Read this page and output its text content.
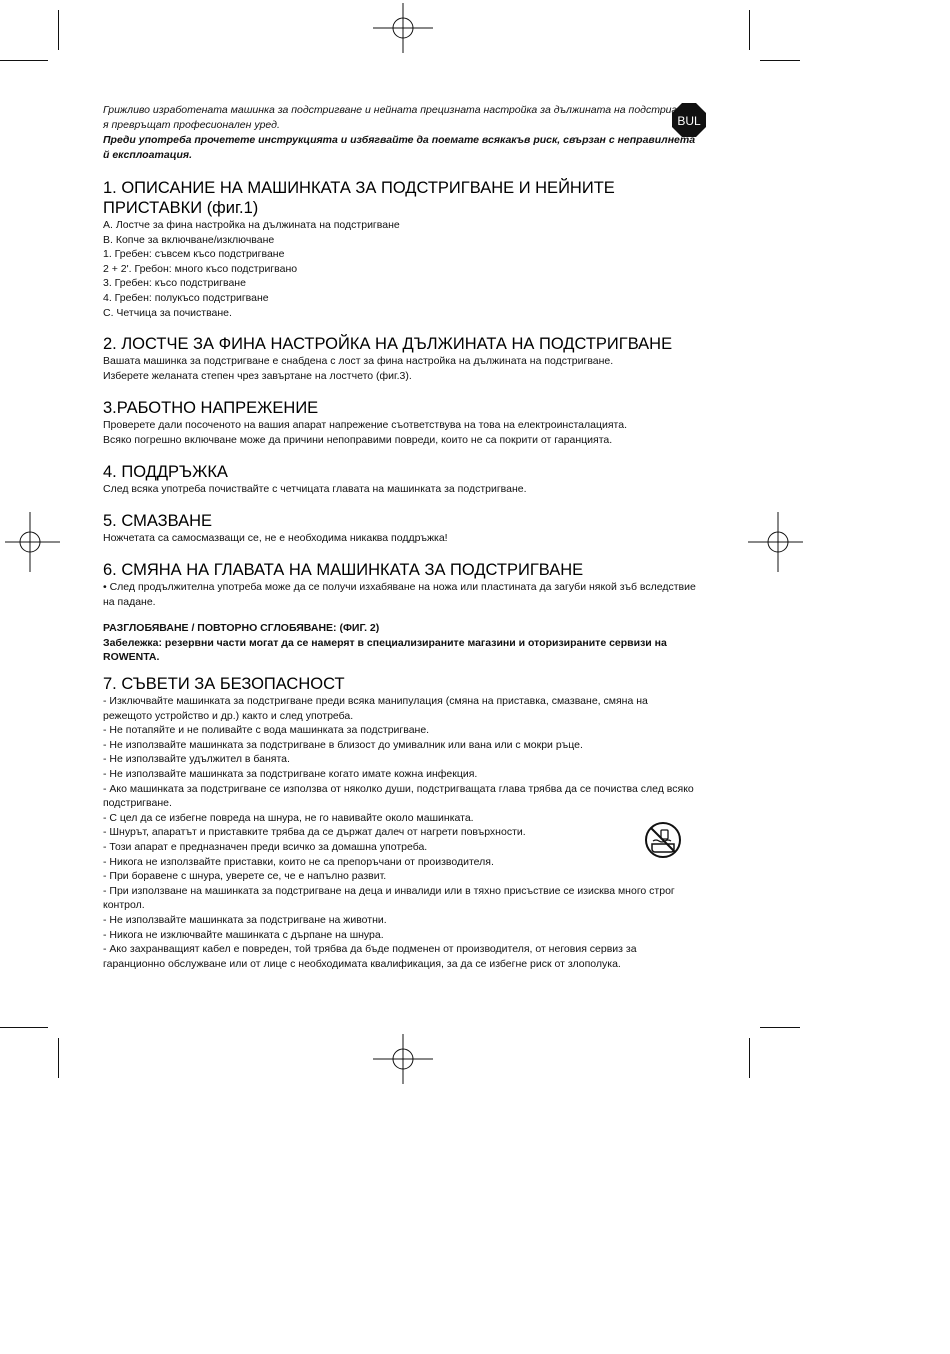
BUL

Грижливо изработената машинка за подстригване и нейната прецизната настройка за дължината на подстригване я превръщат професионален уред.

Преди употреба прочетете инструкцията и избягвайте да поемате всякакъв риск, свързан с неправилнета й експлоатация.

1. ОПИСАНИЕ НА МАШИНКАТА ЗА ПОДСТРИГВАНЕ И НЕЙНИТЕ ПРИСТАВКИ (фиг.1)
А. Лостче за фина настройка на дължината на подстригване
В. Копче за включване/изключване
1. Гребен: съвсем късо подстригване
2 + 2'. Гребон: много късо подстригвано
3. Гребен: късо подстригване
4. Гребен: полукъсо подстригване
С. Четчица за почистване.
2. ЛОСТЧЕ ЗА ФИНА НАСТРОЙКА НА ДЪЛЖИНАТА НА ПОДСТРИГВАНЕ

Вашата машинка за подстригване е снабдена с лост за фина настройка на дължината на подстригване.

Изберете желаната степен чрез завъртане на лостчето (фиг.3).

3.РАБОТНО НАПРЕЖЕНИЕ

Проверете дали посоченото на вашия апарат напрежение съответствува на това на електроинсталацията.

Всяко погрешно включване може да причини непоправими повреди, които не са покрити от гаранцията.

4. ПОДДРЪЖКА

След всяка употреба почиствайте с четчицата главата на машинката за подстригване.

5. СМАЗВАНЕ

Ножчетата са самосмазващи се, не е необходима никаква поддръжка!

6. СМЯНА НА ГЛАВАТА НА МАШИНКАТА ЗА ПОДСТРИГВАНЕ

• След продължителна употреба може да се получи изхабяване на ножа или пластината да загуби някой зъб вследствие на падане.

РАЗГЛОБЯВАНЕ / ПОВТОРНО СГЛОБЯВАНЕ: (ФИГ. 2)

Забележка: резервни части могат да се намерят в специализираните магазини и оторизираните сервизи на ROWENTA.

7. СЪВЕТИ ЗА БЕЗОПАСНОСТ
- Изключвайте машинката за подстригване преди всяка манипулация (смяна на приставка, смазване, смяна на режещото устройство и др.) както и след употреба.
- Не потапяйте и не поливайте с вода машинката за подстригване.
- Не използвайте машинката за подстригване в близост до умивалник или вана или с мокри ръце.
- Не използвайте удължител в банята.
- Не използвайте машинката за подстригване когато имате кожна инфекция.
- Ако машинката за подстригване се използва от няколко души, подстригващата глава трябва да се почиства след всяко подстригване.
- С цел да се избегне повреда на шнура, не го навивайте около машинката.
- Шнурът, апаратът и приставките трябва да се държат далеч от нагрети повърхности.
- Този апарат е предназначен преди всичко за домашна употреба.
- Никога не използвайте приставки, които не са препоръчани от производителя.
- При боравене с шнура, уверете се, че е напълно развит.
- При използване на машинката за подстригване на деца и инвалиди или в тяхно присъствие се изисква много строг контрол.
- Не използвайте машинката за подстригване на животни.
- Никога не изключвайте машинката с дърпане на шнура.
- Ако захранващият кабел е повреден, той трябва да бъде подменен от производителя, от неговия сервиз за гаранционно обслужване или от лице с необходимата квалификация, за да се избегне риск от злополука.
